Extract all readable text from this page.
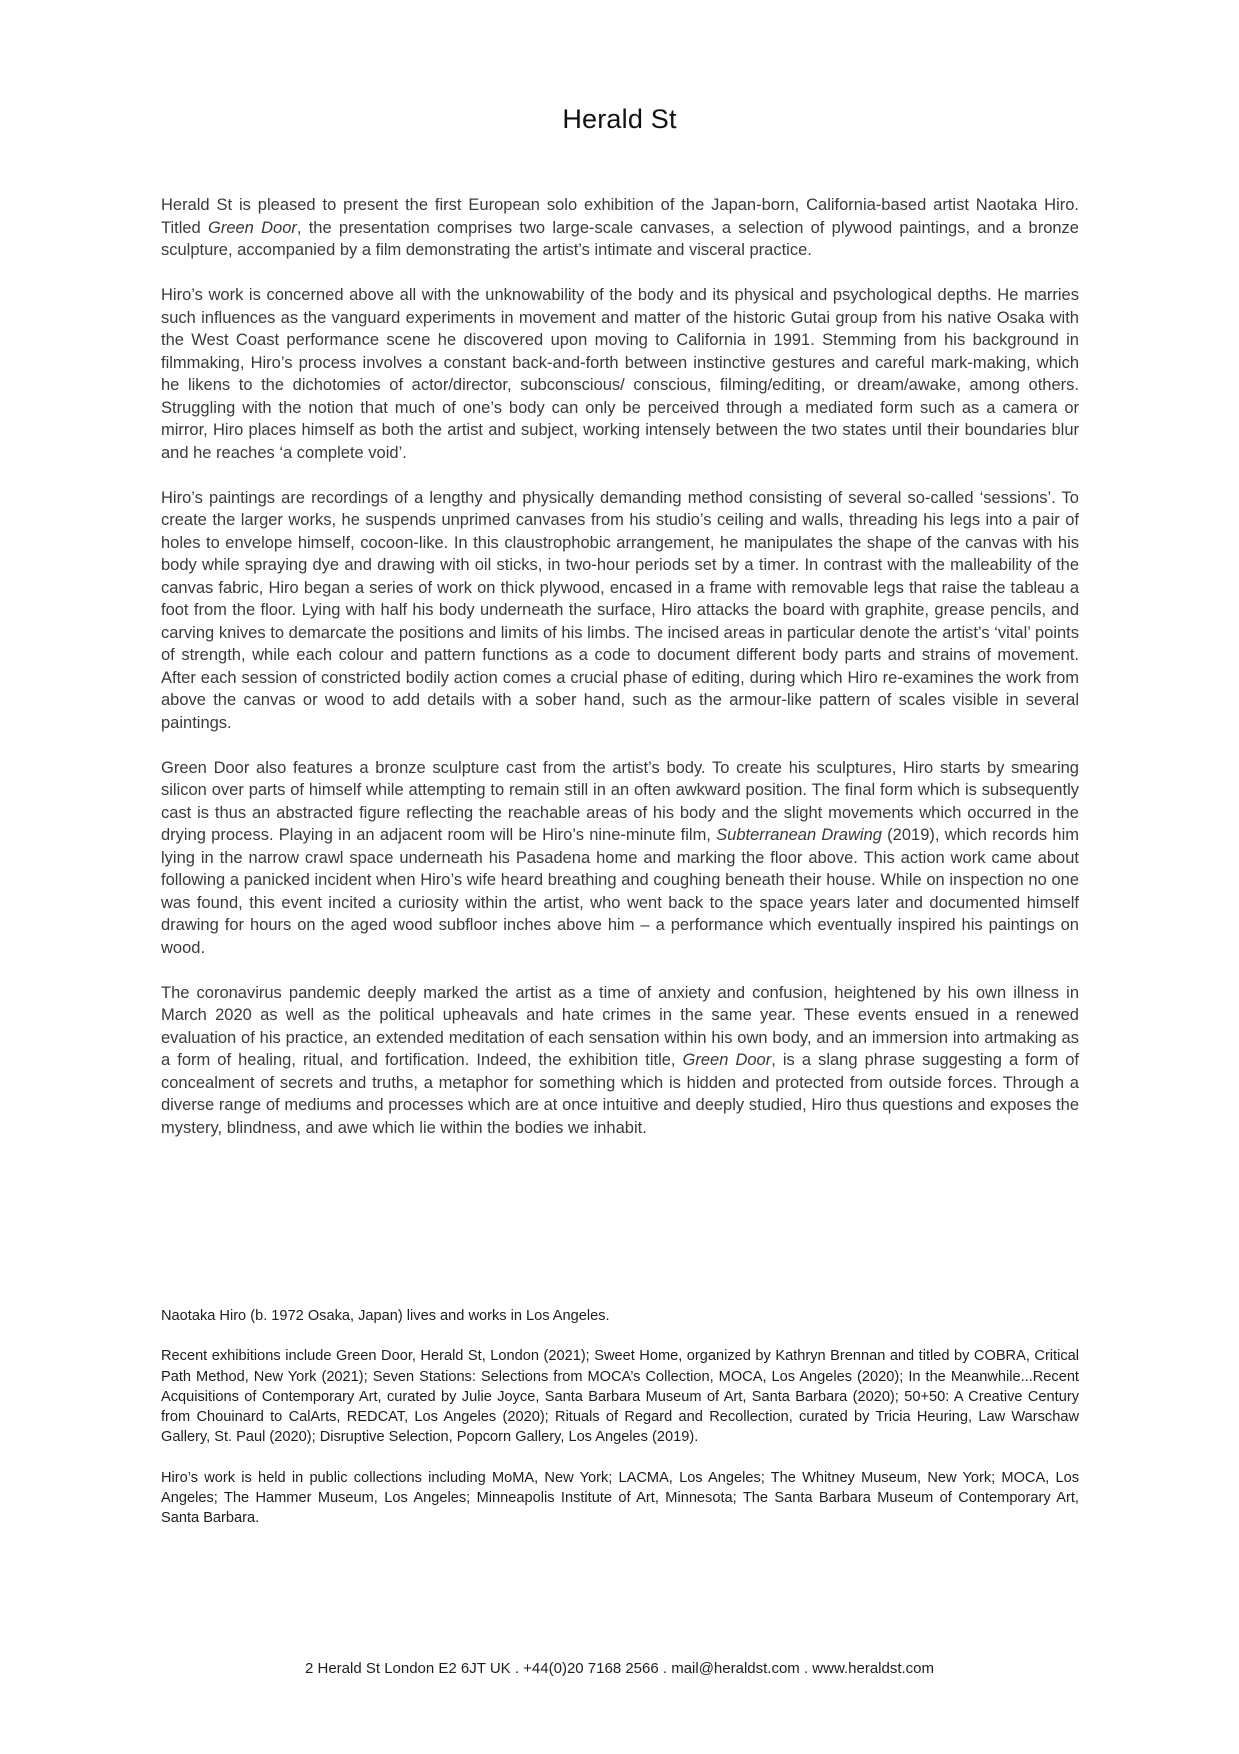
Herald St

Herald St is pleased to present the first European solo exhibition of the Japan-born, California-based artist Naotaka Hiro. Titled Green Door, the presentation comprises two large-scale canvases, a selection of plywood paintings, and a bronze sculpture, accompanied by a film demonstrating the artist’s intimate and visceral practice.

Hiro’s work is concerned above all with the unknowability of the body and its physical and psychological depths. He marries such influences as the vanguard experiments in movement and matter of the historic Gutai group from his native Osaka with the West Coast performance scene he discovered upon moving to California in 1991. Stemming from his background in filmmaking, Hiro’s process involves a constant back-and-forth between instinctive gestures and careful mark-making, which he likens to the dichotomies of actor/director, subconscious/ conscious, filming/editing, or dream/awake, among others. Struggling with the notion that much of one’s body can only be perceived through a mediated form such as a camera or mirror, Hiro places himself as both the artist and subject, working intensely between the two states until their boundaries blur and he reaches ‘a complete void’.

Hiro’s paintings are recordings of a lengthy and physically demanding method consisting of several so-called ‘sessions’. To create the larger works, he suspends unprimed canvases from his studio’s ceiling and walls, threading his legs into a pair of holes to envelope himself, cocoon-like. In this claustrophobic arrangement, he manipulates the shape of the canvas with his body while spraying dye and drawing with oil sticks, in two-hour periods set by a timer. In contrast with the malleability of the canvas fabric, Hiro began a series of work on thick plywood, encased in a frame with removable legs that raise the tableau a foot from the floor. Lying with half his body underneath the surface, Hiro attacks the board with graphite, grease pencils, and carving knives to demarcate the positions and limits of his limbs. The incised areas in particular denote the artist’s ‘vital’ points of strength, while each colour and pattern functions as a code to document different body parts and strains of movement. After each session of constricted bodily action comes a crucial phase of editing, during which Hiro re-examines the work from above the canvas or wood to add details with a sober hand, such as the armour-like pattern of scales visible in several paintings.

Green Door also features a bronze sculpture cast from the artist’s body. To create his sculptures, Hiro starts by smearing silicon over parts of himself while attempting to remain still in an often awkward position. The final form which is subsequently cast is thus an abstracted figure reflecting the reachable areas of his body and the slight movements which occurred in the drying process. Playing in an adjacent room will be Hiro’s nine-minute film, Subterranean Drawing (2019), which records him lying in the narrow crawl space underneath his Pasadena home and marking the floor above. This action work came about following a panicked incident when Hiro’s wife heard breathing and coughing beneath their house. While on inspection no one was found, this event incited a curiosity within the artist, who went back to the space years later and documented himself drawing for hours on the aged wood subfloor inches above him – a performance which eventually inspired his paintings on wood.

The coronavirus pandemic deeply marked the artist as a time of anxiety and confusion, heightened by his own illness in March 2020 as well as the political upheavals and hate crimes in the same year. These events ensued in a renewed evaluation of his practice, an extended meditation of each sensation within his own body, and an immersion into artmaking as a form of healing, ritual, and fortification. Indeed, the exhibition title, Green Door, is a slang phrase suggesting a form of concealment of secrets and truths, a metaphor for something which is hidden and protected from outside forces. Through a diverse range of mediums and processes which are at once intuitive and deeply studied, Hiro thus questions and exposes the mystery, blindness, and awe which lie within the bodies we inhabit.

Naotaka Hiro (b. 1972 Osaka, Japan) lives and works in Los Angeles.

Recent exhibitions include Green Door, Herald St, London (2021); Sweet Home, organized by Kathryn Brennan and titled by COBRA, Critical Path Method, New York (2021); Seven Stations: Selections from MOCA’s Collection, MOCA, Los Angeles (2020); In the Meanwhile...Recent Acquisitions of Contemporary Art, curated by Julie Joyce, Santa Barbara Museum of Art, Santa Barbara (2020); 50+50: A Creative Century from Chouinard to CalArts, REDCAT, Los Angeles (2020); Rituals of Regard and Recollection, curated by Tricia Heuring, Law Warschaw Gallery, St. Paul (2020); Disruptive Selection, Popcorn Gallery, Los Angeles (2019).

Hiro’s work is held in public collections including MoMA, New York; LACMA, Los Angeles; The Whitney Museum, New York; MOCA, Los Angeles; The Hammer Museum, Los Angeles; Minneapolis Institute of Art, Minnesota; The Santa Barbara Museum of Contemporary Art, Santa Barbara.

2 Herald St London E2 6JT UK . +44(0)20 7168 2566 . mail@heraldst.com . www.heraldst.com
